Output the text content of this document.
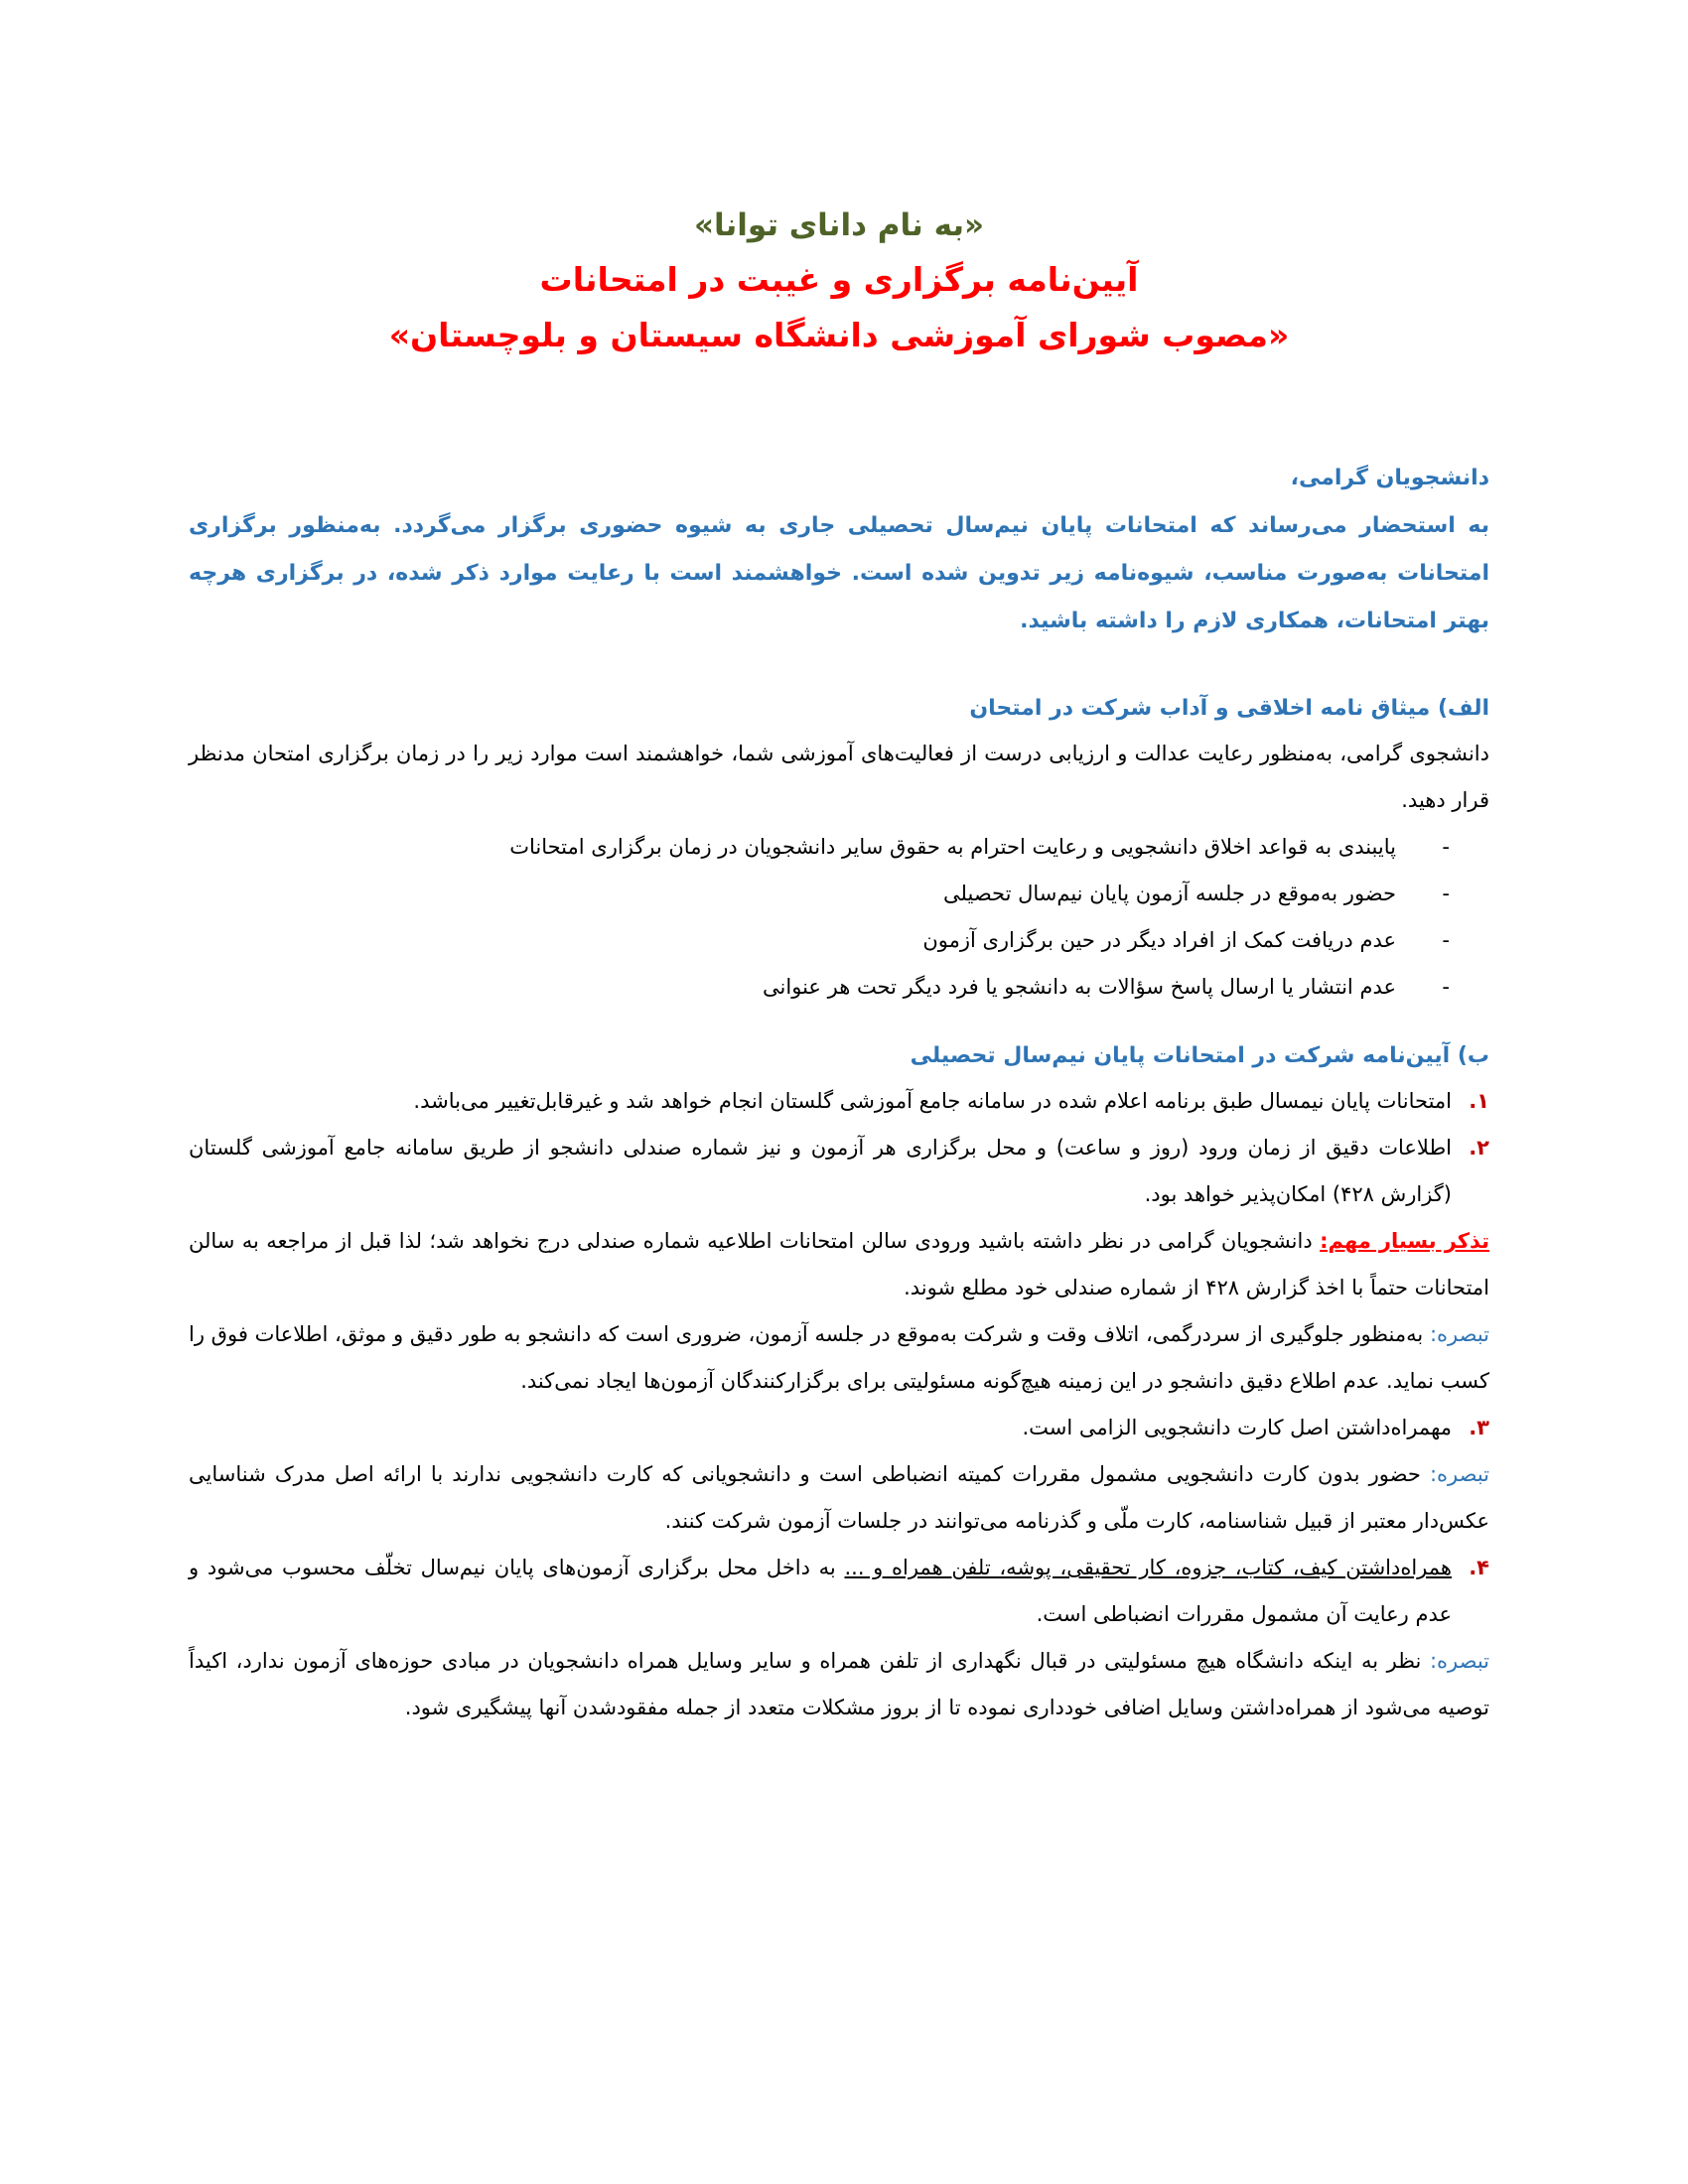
«به نام دانای توانا»
آیین‌نامه برگزاری و غیبت در امتحانات
«مصوب شورای آموزشی دانشگاه سیستان و بلوچستان»
دانشجویان گرامی،
به استحضار می‌رساند که امتحانات پایان نیم‌سال تحصیلی جاری به شیوه حضوری برگزار می‌گردد. به‌منظور برگزاری امتحانات به‌صورت مناسب، شیوه‌نامه زیر تدوین شده است. خواهشمند است با رعایت موارد ذکر شده، در برگزاری هرچه بهتر امتحانات، همکاری لازم را داشته باشید.
الف) میثاق نامه اخلاقی و آداب شرکت در امتحان
دانشجوی گرامی، به‌منظور رعایت عدالت و ارزیابی درست از فعالیت‌های آموزشی شما، خواهشمند است موارد زیر را در زمان برگزاری امتحان مدنظر قرار دهید.
-
پایبندی به قواعد اخلاق دانشجویی و رعایت احترام به حقوق سایر دانشجویان در زمان برگزاری امتحانات
-
حضور به‌موقع در جلسه آزمون پایان نیم‌سال تحصیلی
-
عدم دریافت کمک از افراد دیگر در حین برگزاری آزمون
-
عدم انتشار یا ارسال پاسخ سؤالات به دانشجو یا فرد دیگر تحت هر عنوانی
ب) آیین‌نامه شرکت در امتحانات پایان نیم‌سال تحصیلی
۱.
امتحانات پایان نیمسال طبق برنامه اعلام شده در سامانه جامع آموزشی گلستان انجام خواهد شد و غیرقابل‌تغییر می‌باشد.
۲.
اطلاعات دقیق از زمان ورود (روز و ساعت) و محل برگزاری هر آزمون و نیز شماره صندلی دانشجو از طریق سامانه جامع آموزشی گلستان (گزارش ۴۲۸) امکان‌پذیر خواهد بود.
تذکر بسیار مهم: دانشجویان گرامی در نظر داشته باشید ورودی سالن امتحانات اطلاعیه شماره صندلی درج نخواهد شد؛ لذا قبل از مراجعه به سالن امتحانات حتماً با اخذ گزارش ۴۲۸ از شماره صندلی خود مطلع شوند.
تبصره: به‌منظور جلوگیری از سردرگمی، اتلاف وقت و شرکت به‌موقع در جلسه آزمون، ضروری است که دانشجو به طور دقیق و موثق، اطلاعات فوق را کسب نماید. عدم اطلاع دقیق دانشجو در این زمینه هیچ‌گونه مسئولیتی برای برگزارکنندگان آزمون‌ها ایجاد نمی‌کند.
۳.
مهمراه‌داشتن اصل کارت دانشجویی الزامی است.
تبصره: حضور بدون کارت دانشجویی مشمول مقررات کمیته انضباطی است و دانشجویانی که کارت دانشجویی ندارند با ارائه اصل مدرک شناسایی عکس‌دار معتبر از قبیل شناسنامه، کارت ملّی و گذرنامه می‌توانند در جلسات آزمون شرکت کنند.
۴.
همراه‌داشتن کیف، کتاب، جزوه، کار تحقیقی، پوشه، تلفن همراه و ... به داخل محل برگزاری آزمون‌های پایان نیم‌سال تخلّف محسوب می‌شود و عدم رعایت آن مشمول مقررات انضباطی است.
تبصره: نظر به اینکه دانشگاه هیچ مسئولیتی در قبال نگهداری از تلفن همراه و سایر وسایل همراه دانشجویان در مبادی حوزه‌های آزمون ندارد، اکیداً توصیه می‌شود از همراه‌داشتن وسایل اضافی خودداری نموده تا از بروز مشکلات متعدد از جمله مفقودشدن آنها پیشگیری شود.
